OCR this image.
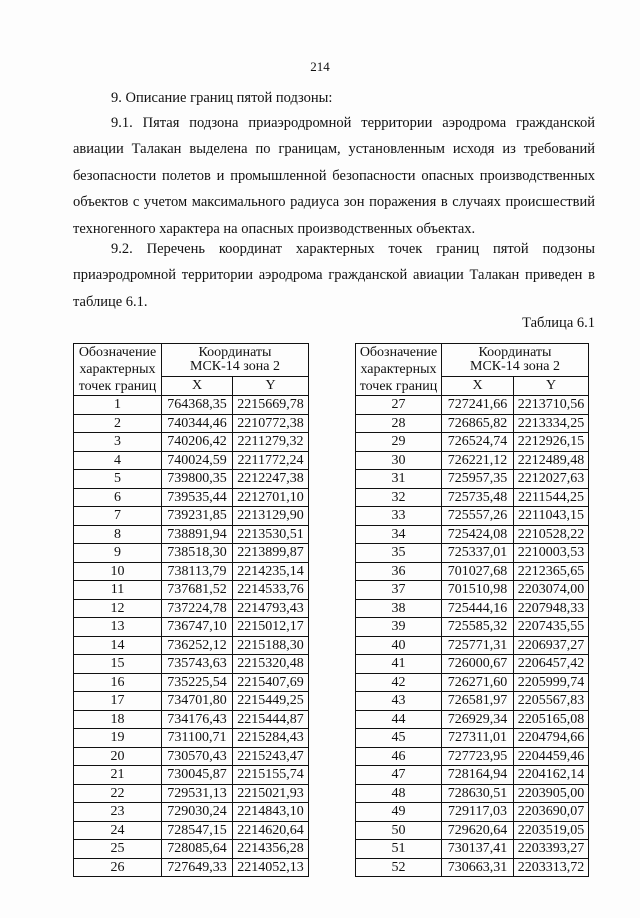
214
9. Описание границ пятой подзоны:

9.1. Пятая подзона приаэродромной территории аэродрома гражданской авиации Талакан выделена по границам, установленным исходя из требований безопасности полетов и промышленной безопасности опасных производственных объектов с учетом максимального радиуса зон поражения в случаях происшествий техногенного характера на опасных производственных объектах.

9.2. Перечень координат характерных точек границ пятой подзоны приаэродромной территории аэродрома гражданской авиации Талакан приведен в таблице 6.1.

Таблица 6.1
Обозначение
характерных
точек границ	Координаты
МСК-14 зона 2	
	X	Y
1	764368,35	2215669,78
2	740344,46	2210772,38
3	740206,42	2211279,32
4	740024,59	2211772,24
5	739800,35	2212247,38
6	739535,44	2212701,10
7	739231,85	2213129,90
8	738891,94	2213530,51
9	738518,30	2213899,87
10	738113,79	2214235,14
11	737681,52	2214533,76
12	737224,78	2214793,43
13	736747,10	2215012,17
14	736252,12	2215188,30
15	735743,63	2215320,48
16	735225,54	2215407,69
17	734701,80	2215449,25
18	734176,43	2215444,87
19	731100,71	2215284,43
20	730570,43	2215243,47
21	730045,87	2215155,74
22	729531,13	2215021,93
23	729030,24	2214843,10
24	728547,15	2214620,64
25	728085,64	2214356,28
26	727649,33	2214052,13
Обозначение
характерных
точек границ	Координаты
МСК-14 зона 2	
	X	Y
27	727241,66	2213710,56
28	726865,82	2213334,25
29	726524,74	2212926,15
30	726221,12	2212489,48
31	725957,35	2212027,63
32	725735,48	2211544,25
33	725557,26	2211043,15
34	725424,08	2210528,22
35	725337,01	2210003,53
36	701027,68	2212365,65
37	701510,98	2203074,00
38	725444,16	2207948,33
39	725585,32	2207435,55
40	725771,31	2206937,27
41	726000,67	2206457,42
42	726271,60	2205999,74
43	726581,97	2205567,83
44	726929,34	2205165,08
45	727311,01	2204794,66
46	727723,95	2204459,46
47	728164,94	2204162,14
48	728630,51	2203905,00
49	729117,03	2203690,07
50	729620,64	2203519,05
51	730137,41	2203393,27
52	730663,31	2203313,72
